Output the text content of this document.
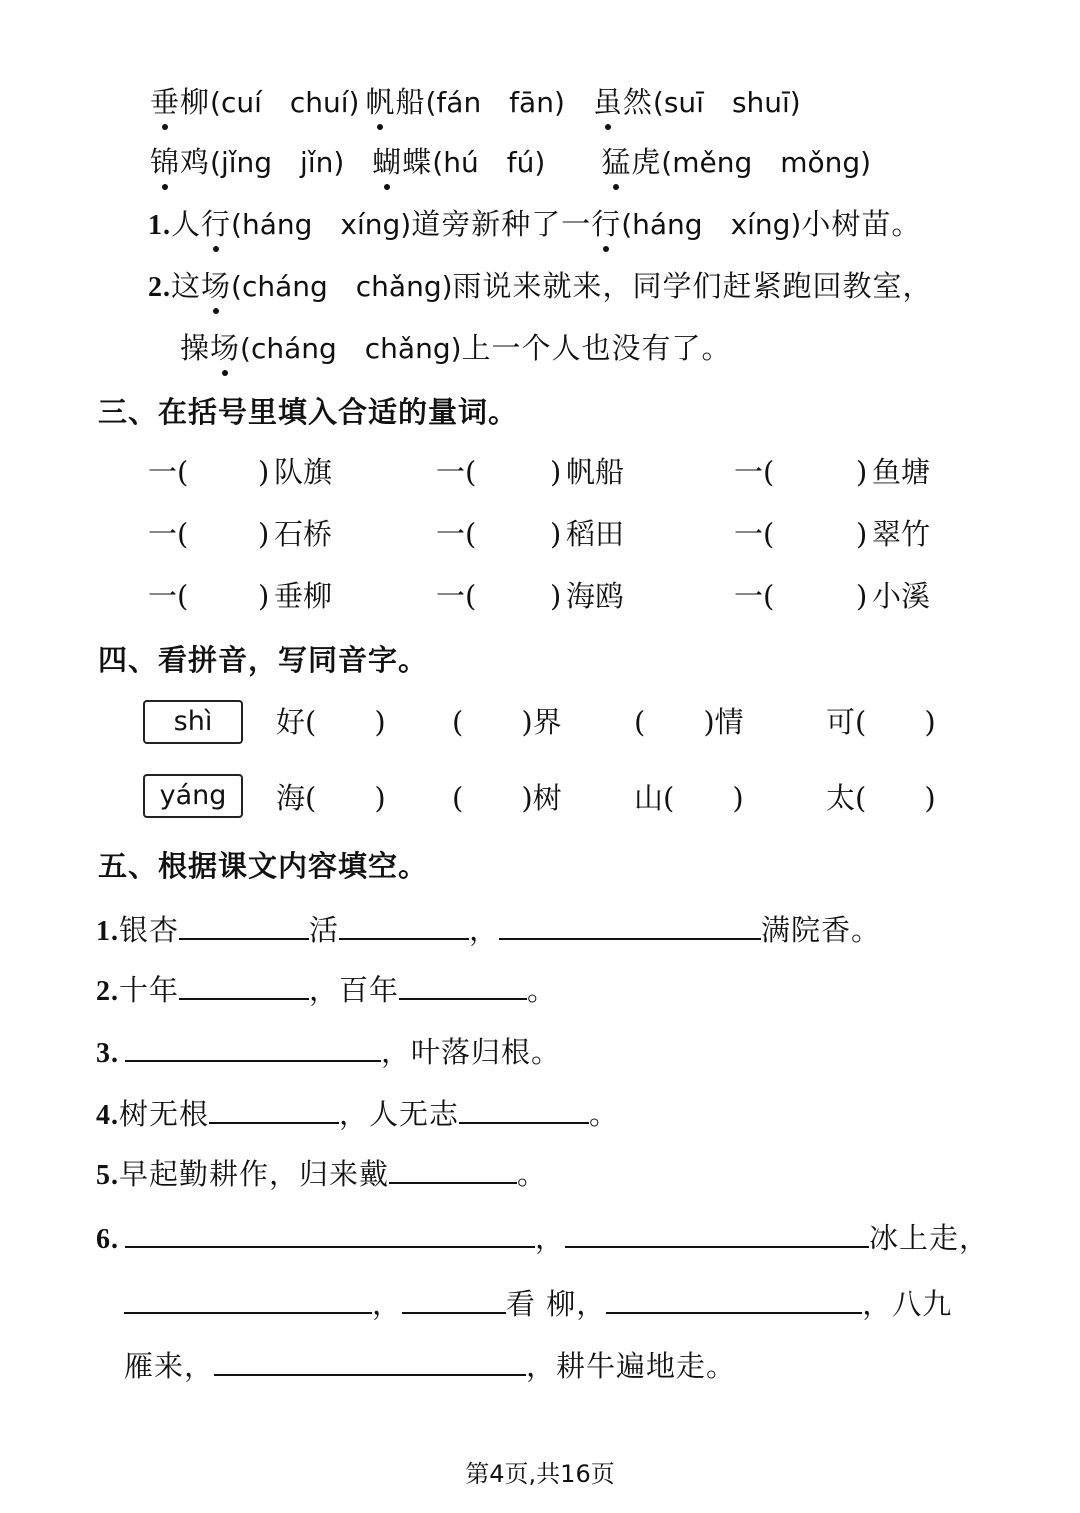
垂柳(cuí　chuí) 帆船(fán　fān) 虽然(suī　shuī)
锦鸡(jǐng　jǐn) 蝴蝶(hú　fú) 猛虎(měng　mǒng)
1.人行(háng　xíng)道旁新种了一行(háng　xíng)小树苗。
2.这场(cháng　chǎng)雨说来就来，同学们赶紧跑回教室，
操场(cháng　chǎng)上一个人也没有了。
三、在括号里填入合适的量词。
一( ) 队旗	一(	) 帆船	一(	) 鱼塘
一( ) 石桥	一(	) 稻田	一(	) 翠竹
一( ) 垂柳	一(	) 海鸥	一(	) 小溪
四、看拼音，写同音字。
shì	好(　　) (　　)界 (　　)情	可(　　)
yáng	海(　　) (　　)树 山(　　)	太(　　)
五、根据课文内容填空。
1.银杏	活	，	满院香。
2.十年	，百年	。
3.	，叶落归根。
4.树无根	，人无志	。
5.早起勤耕作，归来戴	。
6.	，	冰上走，
，	看 柳，	，八九
雁来，	，耕牛遍地走。
第4页,共16页
